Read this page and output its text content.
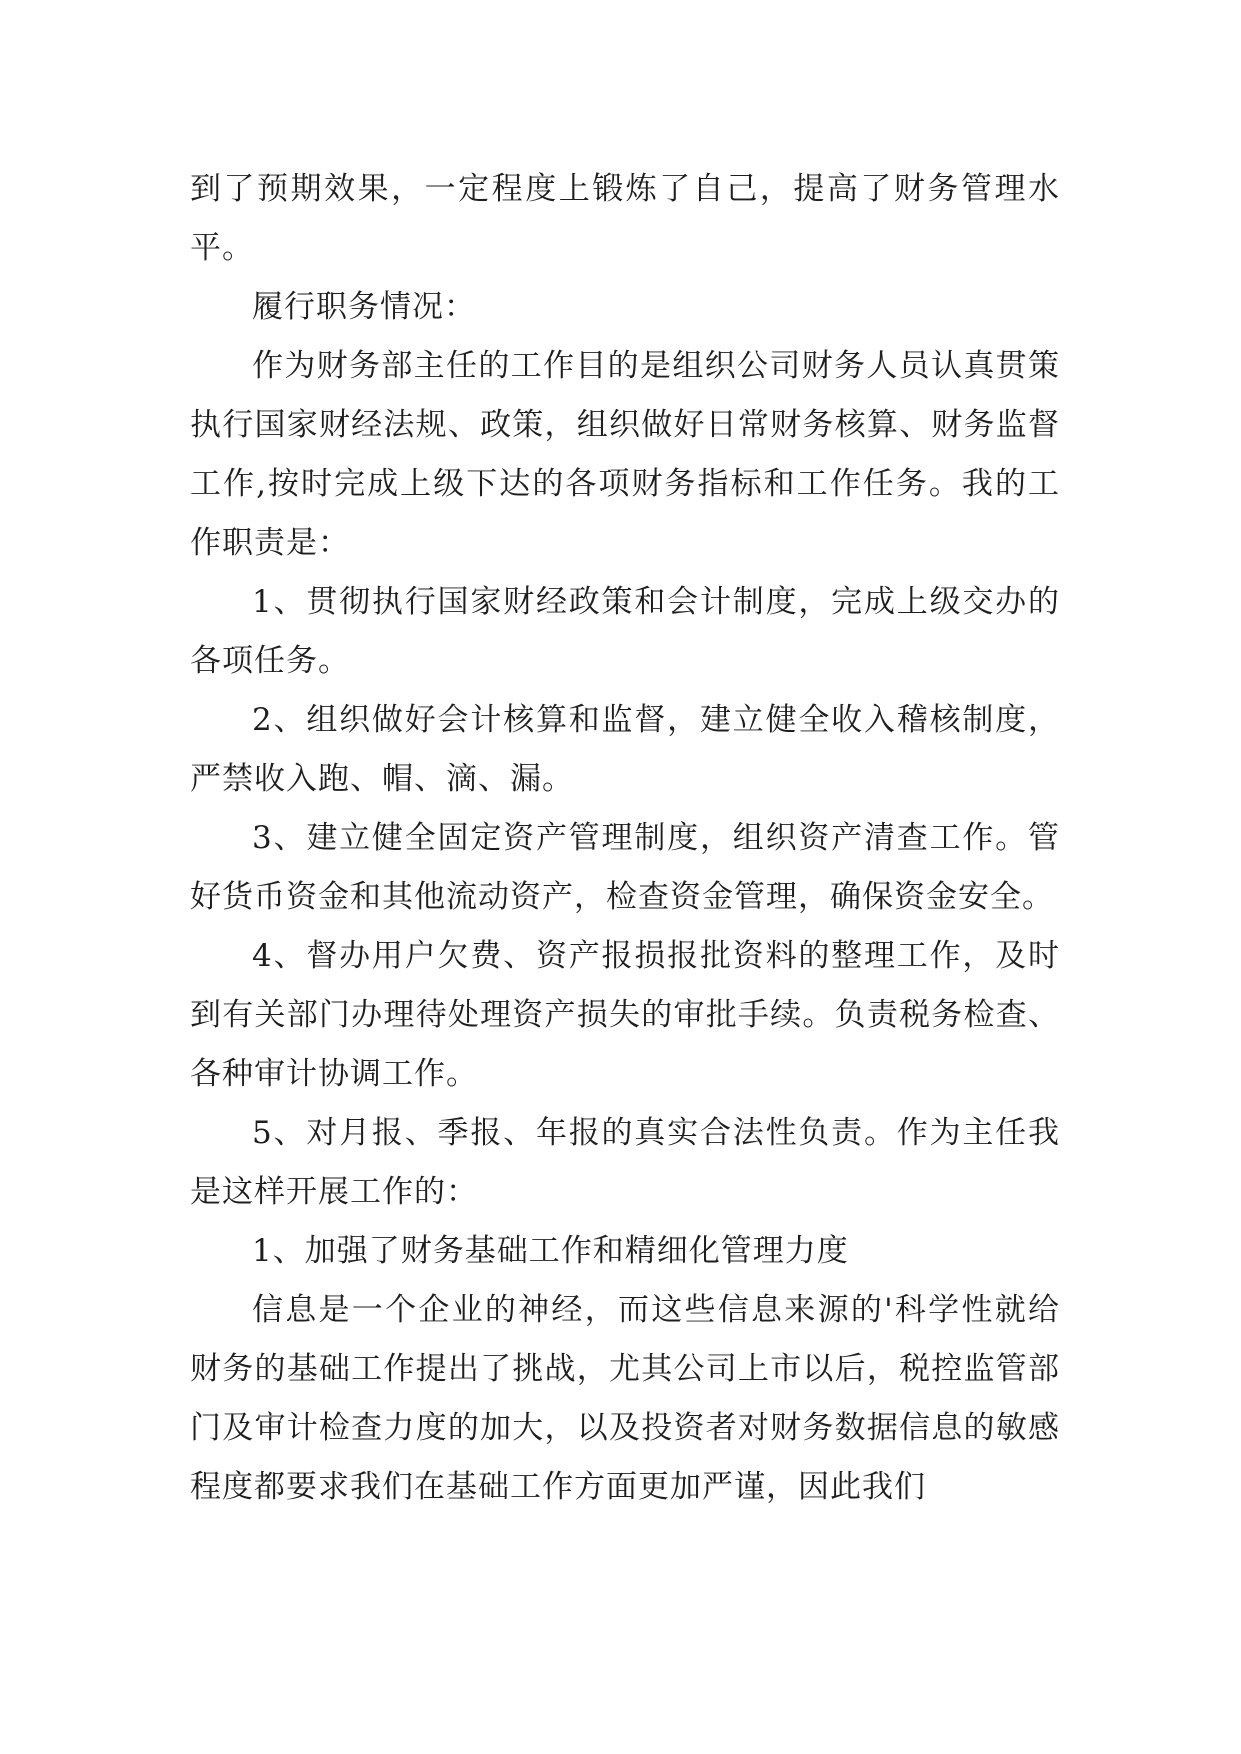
到了预期效果，一定程度上锻炼了自己，提高了财务管理水平。

履行职务情况：

作为财务部主任的工作目的是组织公司财务人员认真贯策执行国家财经法规、政策，组织做好日常财务核算、财务监督工作,按时完成上级下达的各项财务指标和工作任务。我的工作职责是：

1、贯彻执行国家财经政策和会计制度，完成上级交办的各项任务。

2、组织做好会计核算和监督，建立健全收入稽核制度，严禁收入跑、帽、滴、漏。

3、建立健全固定资产管理制度，组织资产清查工作。管好货币资金和其他流动资产，检查资金管理，确保资金安全。

4、督办用户欠费、资产报损报批资料的整理工作，及时到有关部门办理待处理资产损失的审批手续。负责税务检查、各种审计协调工作。

5、对月报、季报、年报的真实合法性负责。作为主任我是这样开展工作的：

1、加强了财务基础工作和精细化管理力度

信息是一个企业的神经，而这些信息来源的'科学性就给财务的基础工作提出了挑战，尤其公司上市以后，税控监管部门及审计检查力度的加大，以及投资者对财务数据信息的敏感程度都要求我们在基础工作方面更加严谨，因此我们
